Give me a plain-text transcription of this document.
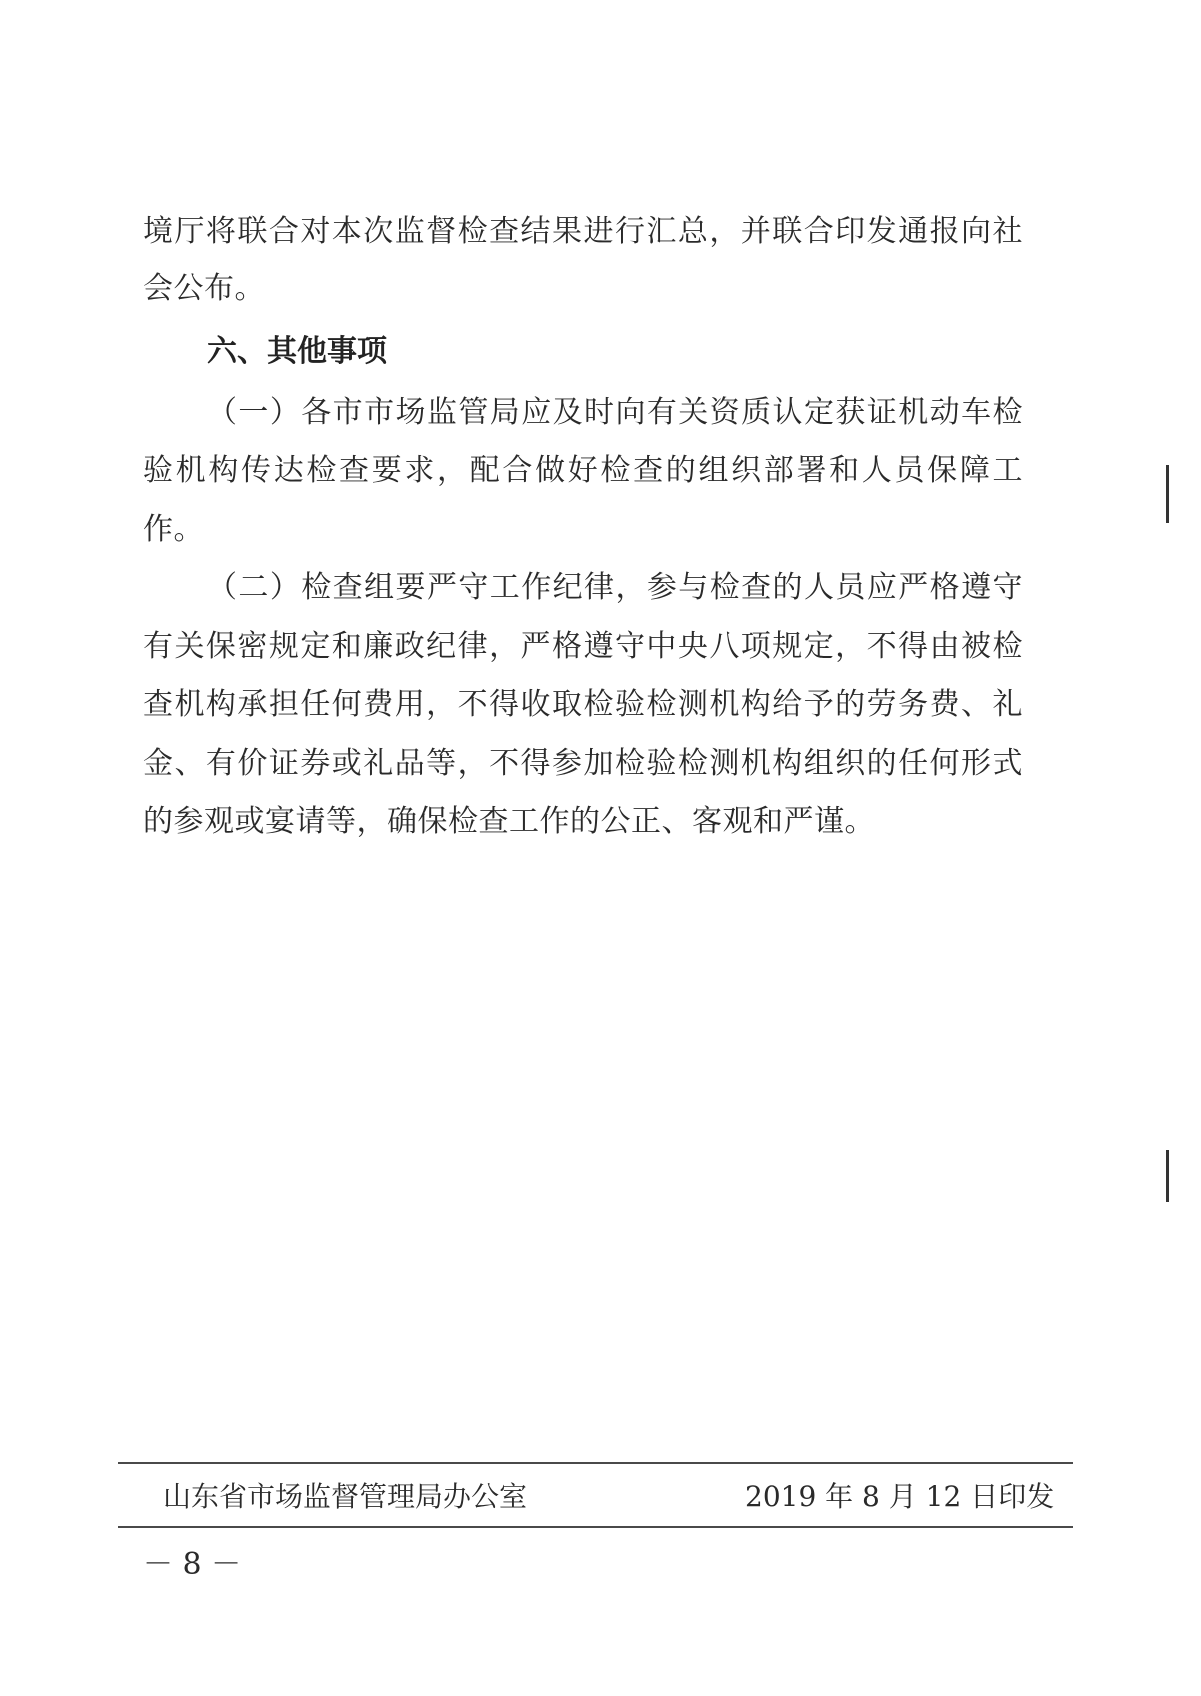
境厅将联合对本次监督检查结果进行汇总，并联合印发通报向社
会公布。
六、其他事项
（一）各市市场监管局应及时向有关资质认定获证机动车检
验机构传达检查要求，配合做好检查的组织部署和人员保障工
作。
（二）检查组要严守工作纪律，参与检查的人员应严格遵守
有关保密规定和廉政纪律，严格遵守中央八项规定，不得由被检
查机构承担任何费用，不得收取检验检测机构给予的劳务费、礼
金、有价证券或礼品等，不得参加检验检测机构组织的任何形式
的参观或宴请等，确保检查工作的公正、客观和严谨。
山东省市场监督管理局办公室	2019 年 8 月 12 日印发
－ 8 －
